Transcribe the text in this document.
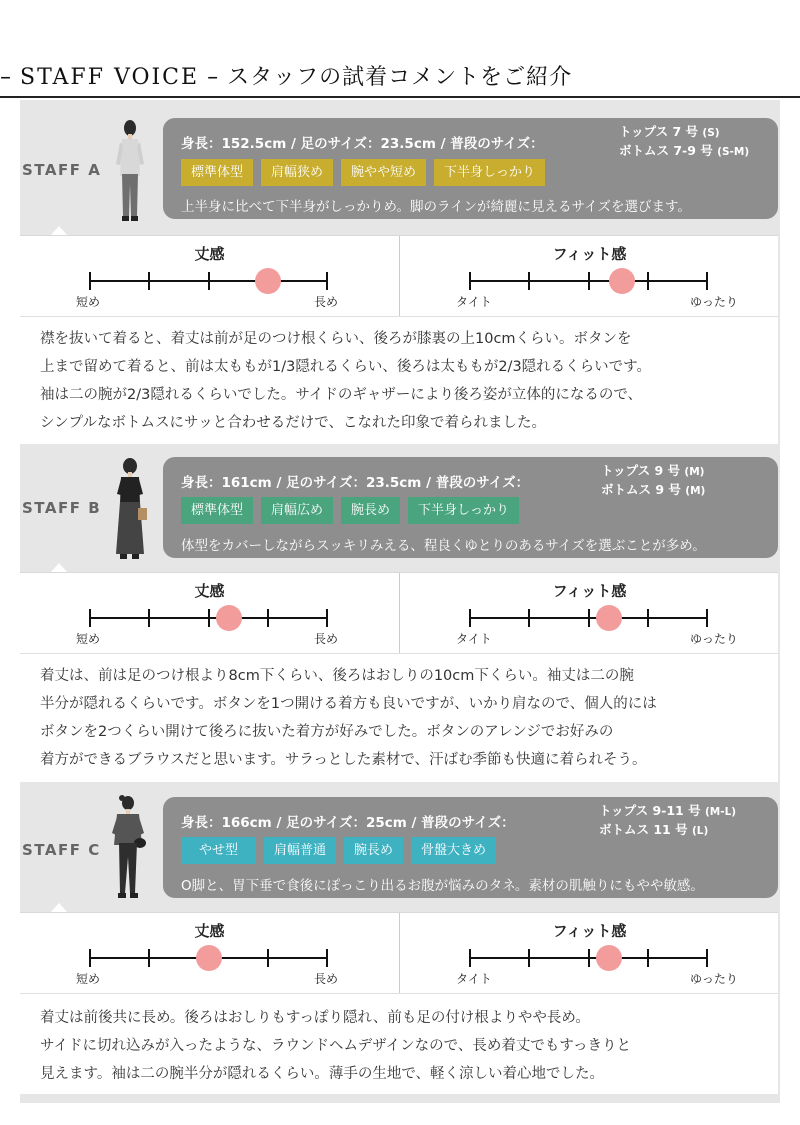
– STAFF VOICE – スタッフの試着コメントをご紹介
STAFF A
身長：152.5cm / 足のサイズ：23.5cm / 普段のサイズ：
トップス 7 号 (S)
ボトムス 7-9 号 (S-M)
標準体型 肩幅狭め 腕やや短め 下半身しっかり
上半身に比べて下半身がしっかりめ。脚のラインが綺麗に見えるサイズを選びます。
丈感
短め	長め
フィット感
タイト	ゆったり
襟を抜いて着ると、着丈は前が足のつけ根くらい、後ろが膝裏の上10cmくらい。ボタンを
上まで留めて着ると、前は太ももが1/3隠れるくらい、後ろは太ももが2/3隠れるくらいです。
袖は二の腕が2/3隠れるくらいでした。サイドのギャザーにより後ろ姿が立体的になるので、
シンプルなボトムスにサッと合わせるだけで、こなれた印象で着られました。
STAFF B
身長：161cm / 足のサイズ：23.5cm / 普段のサイズ：
トップス 9 号 (M)
ボトムス 9 号 (M)
標準体型 肩幅広め 腕長め 下半身しっかり
体型をカバーしながらスッキリみえる、程良くゆとりのあるサイズを選ぶことが多め。
丈感
短め	長め
フィット感
タイト	ゆったり
着丈は、前は足のつけ根より8cm下くらい、後ろはおしりの10cm下くらい。袖丈は二の腕
半分が隠れるくらいです。ボタンを1つ開ける着方も良いですが、いかり肩なので、個人的には
ボタンを2つくらい開けて後ろに抜いた着方が好みでした。ボタンのアレンジでお好みの
着方ができるブラウスだと思います。サラっとした素材で、汗ばむ季節も快適に着られそう。
STAFF C
身長：166cm / 足のサイズ：25cm / 普段のサイズ：
トップス 9-11 号 (M-L)
ボトムス 11 号 (L)
やせ型	肩幅普通 腕長め 骨盤大きめ
O脚と、胃下垂で食後にぽっこり出るお腹が悩みのタネ。素材の肌触りにもやや敏感。
丈感
短め	長め
フィット感
タイト	ゆったり
着丈は前後共に長め。後ろはおしりもすっぽり隠れ、前も足の付け根よりやや長め。
サイドに切れ込みが入ったような、ラウンドヘムデザインなので、長め着丈でもすっきりと
見えます。袖は二の腕半分が隠れるくらい。薄手の生地で、軽く涼しい着心地でした。
